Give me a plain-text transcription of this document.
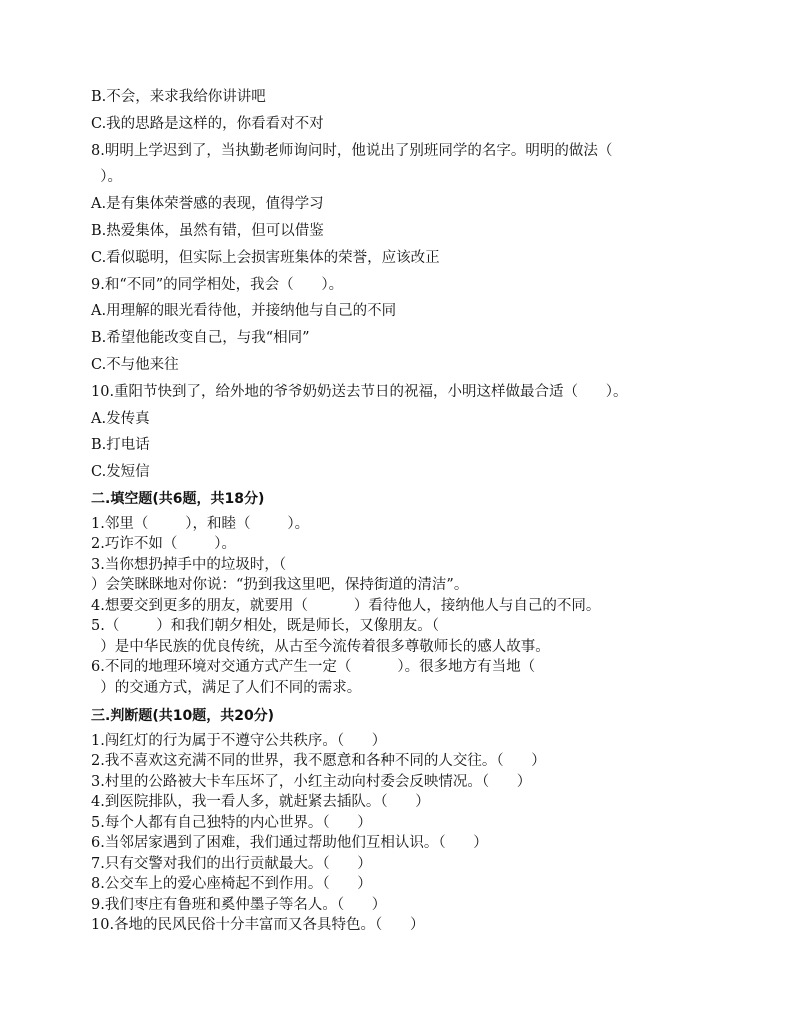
B.不会，来求我给你讲讲吧
C.我的思路是这样的，你看看对不对
8.明明上学迟到了，当执勤老师询问时，他说出了别班同学的名字。明明的做法（
）。
A.是有集体荣誉感的表现，值得学习
B.热爱集体，虽然有错，但可以借鉴
C.看似聪明，但实际上会损害班集体的荣誉，应该改正
9.和“不同”的同学相处，我会（      ）。
A.用理解的眼光看待他，并接纳他与自己的不同
B.希望他能改变自己，与我“相同”
C.不与他来往
10.重阳节快到了，给外地的爷爷奶奶送去节日的祝福，小明这样做最合适（      ）。
A.发传真
B.打电话
C.发短信
二.填空题(共6题，共18分)
1.邻里（        ），和睦（        ）。
2.巧诈不如（        ）。
3.当你想扔掉手中的垃圾时，（
）会笑眯眯地对你说：“扔到我这里吧，保持街道的清洁”。
4.想要交到更多的朋友，就要用（          ）看待他人，接纳他人与自己的不同。
5.（        ）和我们朝夕相处，既是师长，又像朋友。（
）是中华民族的优良传统，从古至今流传着很多尊敬师长的感人故事。
6.不同的地理环境对交通方式产生一定（          ）。很多地方有当地（
）的交通方式，满足了人们不同的需求。
三.判断题(共10题，共20分)
1.闯红灯的行为属于不遵守公共秩序。（      ）
2.我不喜欢这充满不同的世界，我不愿意和各种不同的人交往。（      ）
3.村里的公路被大卡车压坏了，小红主动向村委会反映情况。（      ）
4.到医院排队，我一看人多，就赶紧去插队。（      ）
5.每个人都有自己独特的内心世界。（      ）
6.当邻居家遇到了困难，我们通过帮助他们互相认识。（      ）
7.只有交警对我们的出行贡献最大。（      ）
8.公交车上的爱心座椅起不到作用。（      ）
9.我们枣庄有鲁班和奚仲墨子等名人。（      ）
10.各地的民风民俗十分丰富而又各具特色。（      ）
